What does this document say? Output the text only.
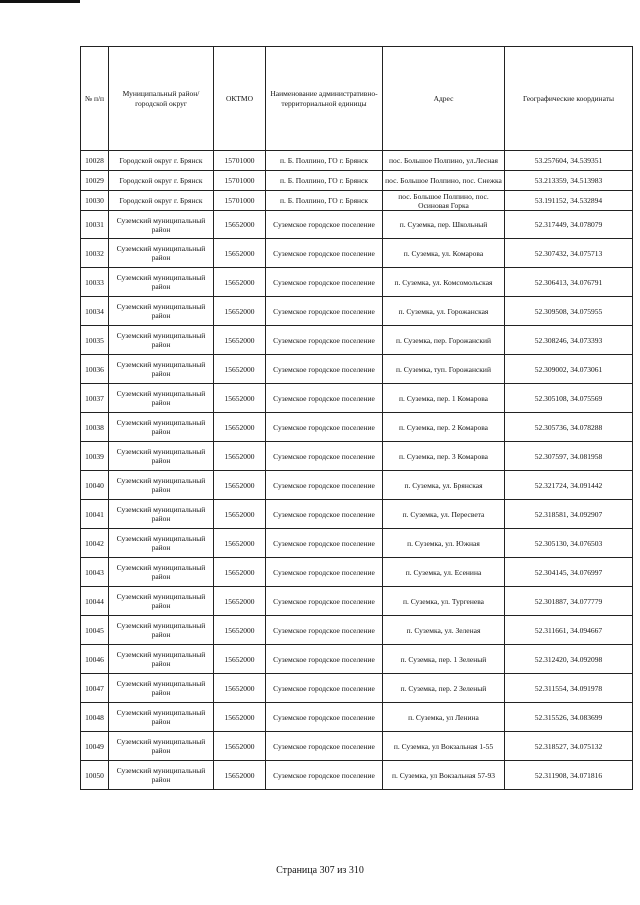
№ п/п	Муниципальный район/городской округ	ОКТМО	Наименование административно-территориальной единицы	Адрес	Географические координаты
10028	Городской округ г. Брянск	15701000	п. Б. Полпино, ГО г. Брянск	пос. Большое Полпино, ул.Лесная	53.257604, 34.539351
10029	Городской округ г. Брянск	15701000	п. Б. Полпино, ГО г. Брянск	пос. Большое Полпино, пос. Снежка	53.213359, 34.513983
10030	Городской округ г. Брянск	15701000	п. Б. Полпино, ГО г. Брянск	пос. Большое Полпино, пос. Осиновая Горка	53.191152, 34.532894
10031	Суземский муниципальный район	15652000	Суземское городское поселение	п. Суземка, пер. Школьный	52.317449, 34.078079
10032	Суземский муниципальный район	15652000	Суземское городское поселение	п. Суземка, ул. Комарова	52.307432, 34.075713
10033	Суземский муниципальный район	15652000	Суземское городское поселение	п. Суземка, ул. Комсомольская	52.306413, 34.076791
10034	Суземский муниципальный район	15652000	Суземское городское поселение	п. Суземка, ул. Горожанская	52.309508, 34.075955
10035	Суземский муниципальный район	15652000	Суземское городское поселение	п. Суземка, пер. Горожанский	52.308246, 34.073393
10036	Суземский муниципальный район	15652000	Суземское городское поселение	п. Суземка, туп. Горожанский	52.309002, 34.073061
10037	Суземский муниципальный район	15652000	Суземское городское поселение	п. Суземка, пер. 1 Комарова	52.305108, 34.075569
10038	Суземский муниципальный район	15652000	Суземское городское поселение	п. Суземка, пер. 2 Комарова	52.305736, 34.078288
10039	Суземский муниципальный район	15652000	Суземское городское поселение	п. Суземка, пер. 3 Комарова	52.307597, 34.081958
10040	Суземский муниципальный район	15652000	Суземское городское поселение	п. Суземка, ул. Брянская	52.321724, 34.091442
10041	Суземский муниципальный район	15652000	Суземское городское поселение	п. Суземка, ул. Пересвета	52.318581, 34.092907
10042	Суземский муниципальный район	15652000	Суземское городское поселение	п. Суземка, ул. Южная	52.305130, 34.076503
10043	Суземский муниципальный район	15652000	Суземское городское поселение	п. Суземка, ул. Есенина	52.304145, 34.076997
10044	Суземский муниципальный район	15652000	Суземское городское поселение	п. Суземка, ул. Тургенева	52.301887, 34.077779
10045	Суземский муниципальный район	15652000	Суземское городское поселение	п. Суземка, ул. Зеленая	52.311661, 34.094667
10046	Суземский муниципальный район	15652000	Суземское городское поселение	п. Суземка, пер. 1 Зеленый	52.312420, 34.092098
10047	Суземский муниципальный район	15652000	Суземское городское поселение	п. Суземка, пер. 2 Зеленый	52.311554, 34.091978
10048	Суземский муниципальный район	15652000	Суземское городское поселение	п. Суземка, ул Ленина	52.315526, 34.083699
10049	Суземский муниципальный район	15652000	Суземское городское поселение	п. Суземка, ул Вокзальная 1-55	52.318527, 34.075132
10050	Суземский муниципальный район	15652000	Суземское городское поселение	п. Суземка, ул Вокзальная 57-93	52.311908, 34.071816
Страница 307 из 310
